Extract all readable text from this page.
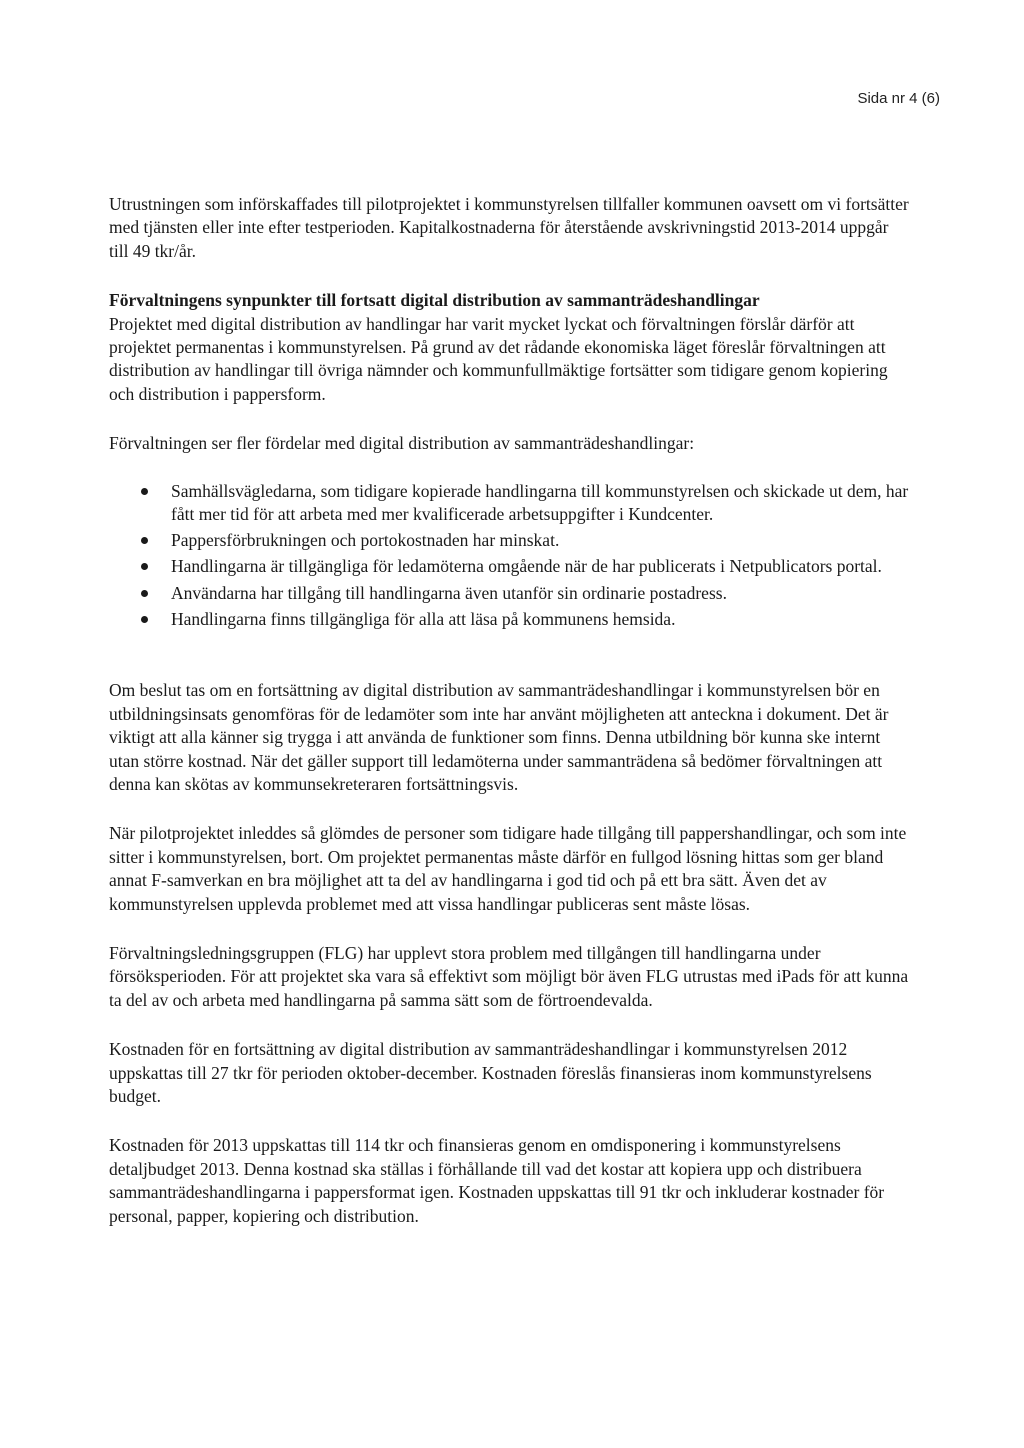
Sida nr 4 (6)

Utrustningen som införskaffades till pilotprojektet i kommunstyrelsen tillfaller kommunen oavsett om vi fortsätter med tjänsten eller inte efter testperioden. Kapitalkostnaderna för återstående avskrivningstid 2013-2014 uppgår till 49 tkr/år.

Förvaltningens synpunkter till fortsatt digital distribution av sammanträdeshandlingar

Projektet med digital distribution av handlingar har varit mycket lyckat och förvaltningen förslår därför att projektet permanentas i kommunstyrelsen. På grund av det rådande ekonomiska läget föreslår förvaltningen att distribution av handlingar till övriga nämnder och kommunfullmäktige fortsätter som tidigare genom kopiering och distribution i pappersform.

Förvaltningen ser fler fördelar med digital distribution av sammanträdeshandlingar:

Samhällsvägledarna, som tidigare kopierade handlingarna till kommunstyrelsen och skickade ut dem, har fått mer tid för att arbeta med mer kvalificerade arbetsuppgifter i Kundcenter.
Pappersförbrukningen och portokostnaden har minskat.
Handlingarna är tillgängliga för ledamöterna omgående när de har publicerats i Netpublicators portal.
Användarna har tillgång till handlingarna även utanför sin ordinarie postadress.
Handlingarna finns tillgängliga för alla att läsa på kommunens hemsida.

Om beslut tas om en fortsättning av digital distribution av sammanträdeshandlingar i kommunstyrelsen bör en utbildningsinsats genomföras för de ledamöter som inte har använt möjligheten att anteckna i dokument. Det är viktigt att alla känner sig trygga i att använda de funktioner som finns. Denna utbildning bör kunna ske internt utan större kostnad. När det gäller support till ledamöterna under sammanträdena så bedömer förvaltningen att denna kan skötas av kommunsekreteraren fortsättningsvis.

När pilotprojektet inleddes så glömdes de personer som tidigare hade tillgång till pappershandlingar, och som inte sitter i kommunstyrelsen, bort. Om projektet permanentas måste därför en fullgod lösning hittas som ger bland annat F-samverkan en bra möjlighet att ta del av handlingarna i god tid och på ett bra sätt. Även det av kommunstyrelsen upplevda problemet med att vissa handlingar publiceras sent måste lösas.

Förvaltningsledningsgruppen (FLG) har upplevt stora problem med tillgången till handlingarna under försöksperioden. För att projektet ska vara så effektivt som möjligt bör även FLG utrustas med iPads för att kunna ta del av och arbeta med handlingarna på samma sätt som de förtroendevalda.

Kostnaden för en fortsättning av digital distribution av sammanträdeshandlingar i kommunstyrelsen 2012 uppskattas till 27 tkr för perioden oktober-december. Kostnaden föreslås finansieras inom kommunstyrelsens budget.

Kostnaden för 2013 uppskattas till 114 tkr och finansieras genom en omdisponering i kommunstyrelsens detaljbudget 2013. Denna kostnad ska ställas i förhållande till vad det kostar att kopiera upp och distribuera sammanträdeshandlingarna i pappersformat igen. Kostnaden uppskattas till 91 tkr och inkluderar kostnader för personal, papper, kopiering och distribution.
